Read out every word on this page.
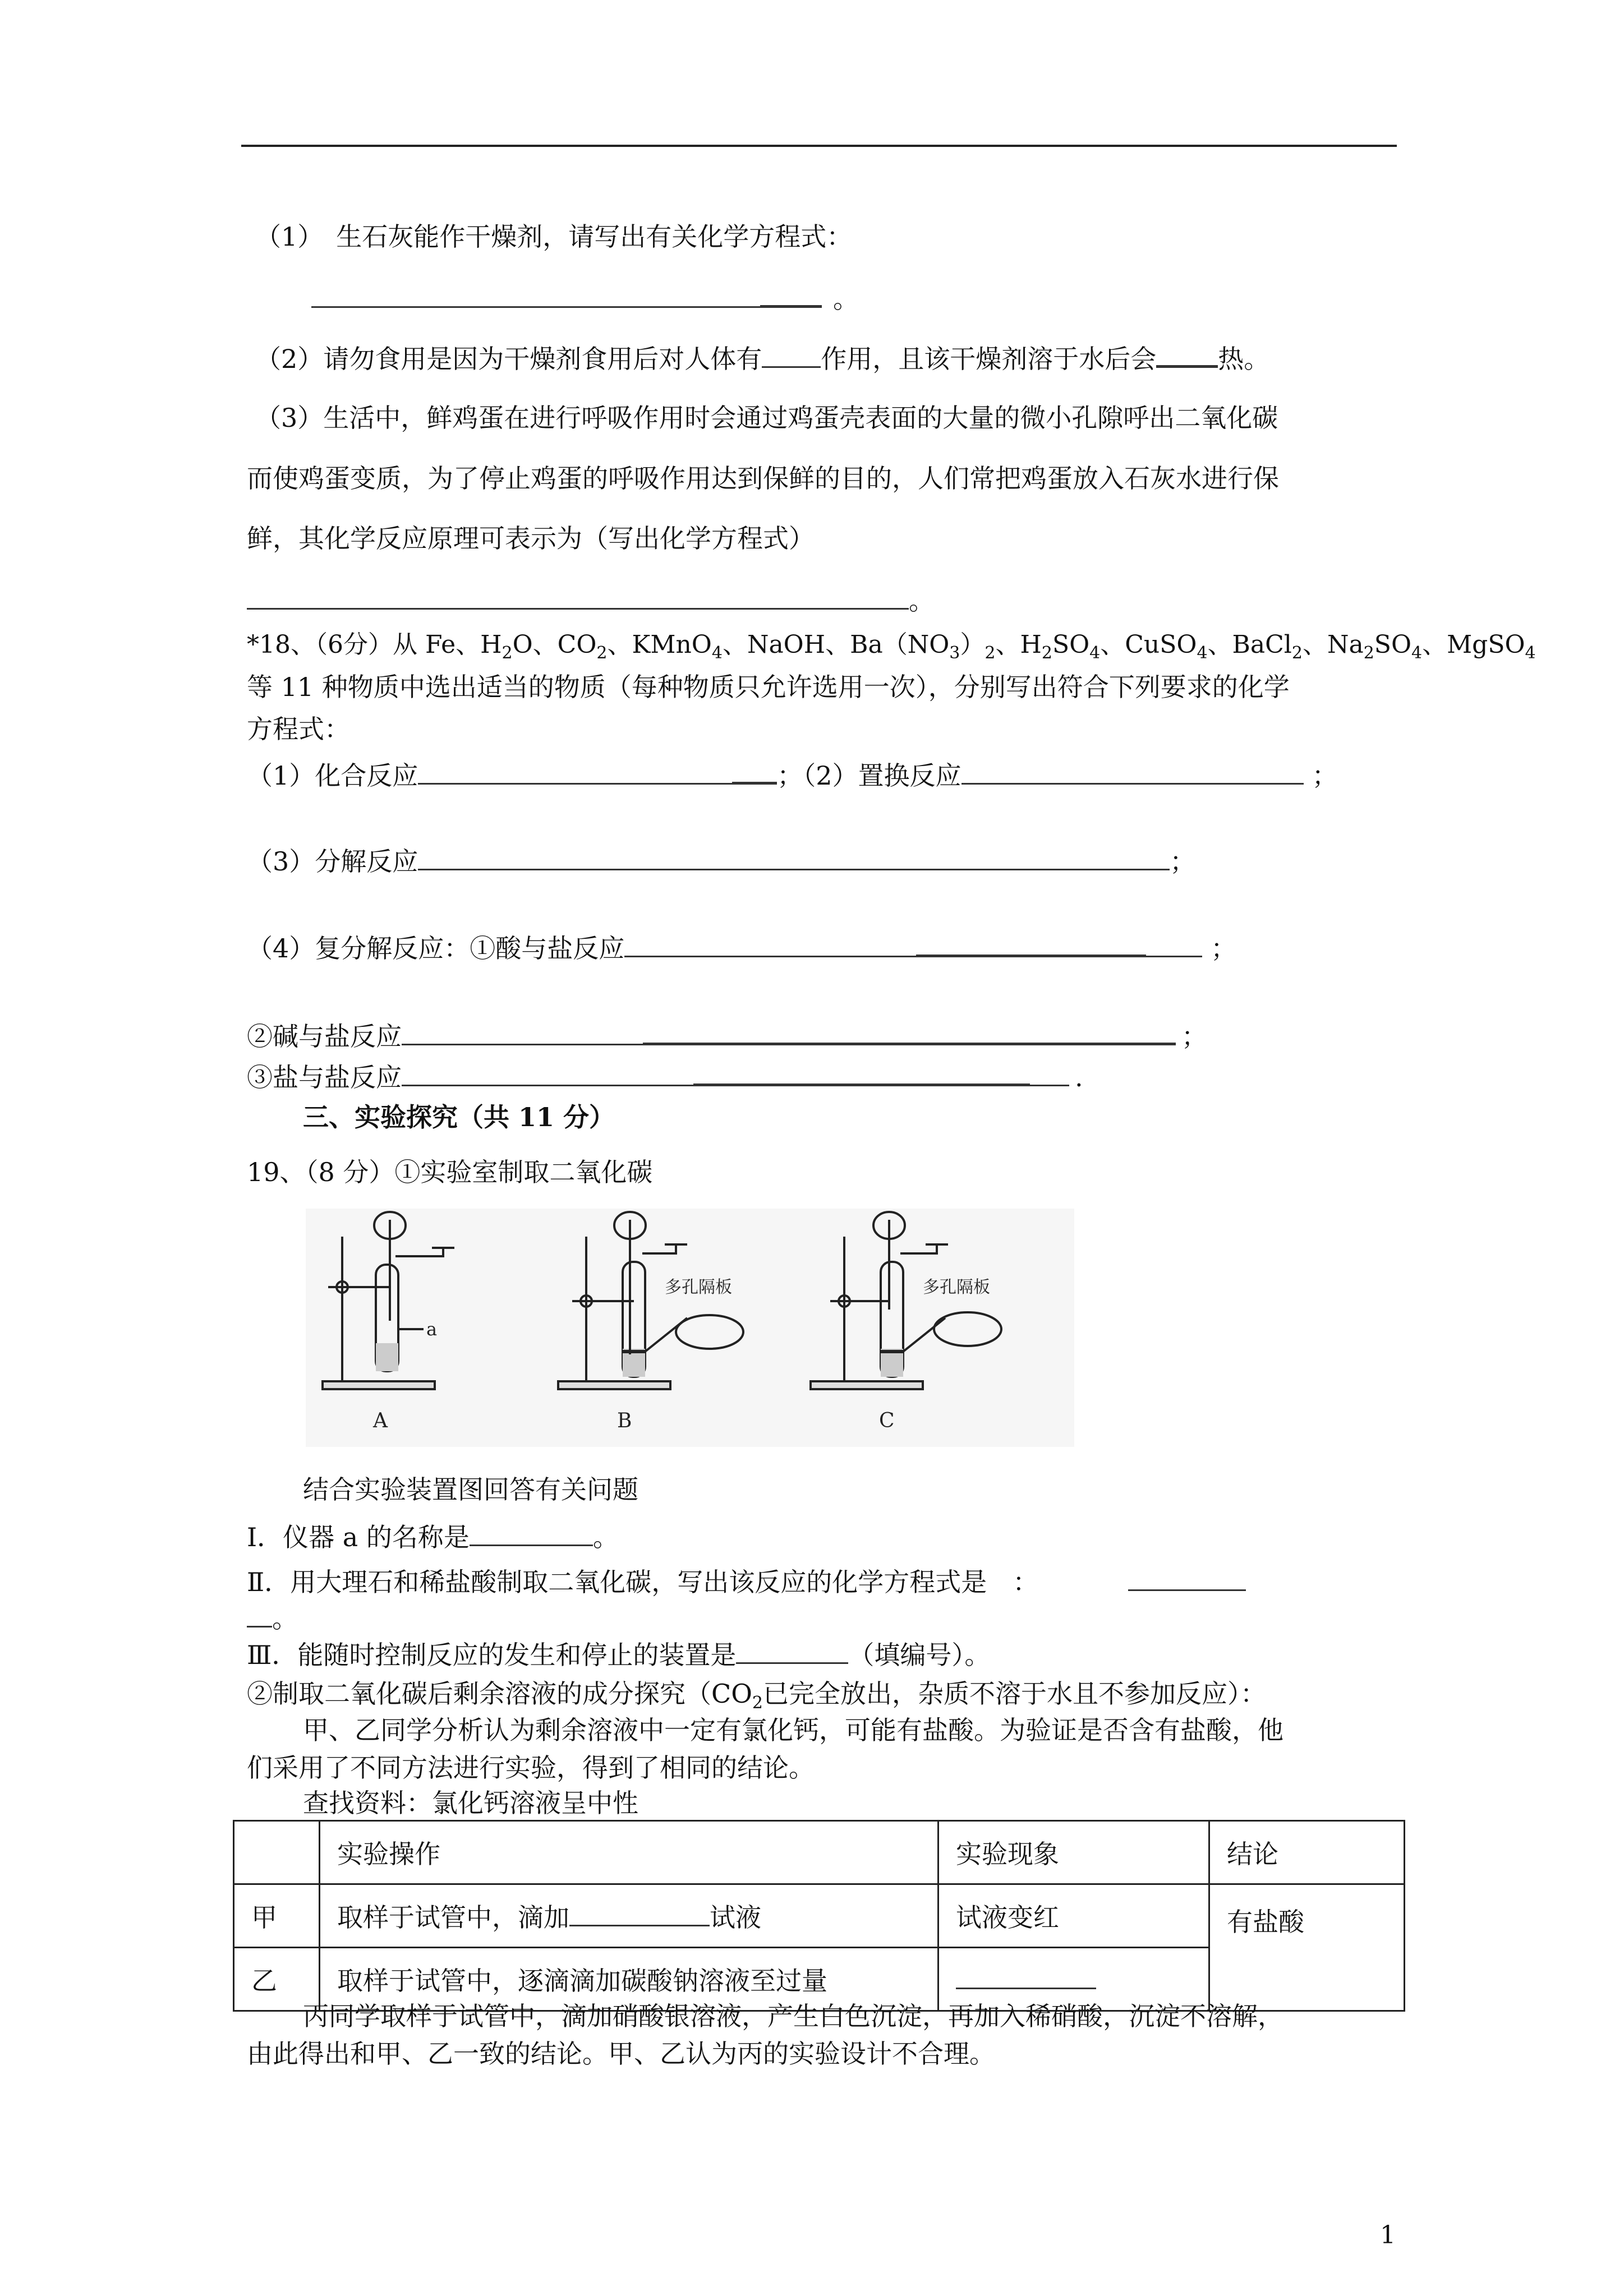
（1）　生石灰能作干燥剂，请写出有关化学方程式：
。
（2）请勿食用是因为干燥剂食用后对人体有 作用，且该干燥剂溶于水后会 热。
（3）生活中，鲜鸡蛋在进行呼吸作用时会通过鸡蛋壳表面的大量的微小孔隙呼出二氧化碳
而使鸡蛋变质，为了停止鸡蛋的呼吸作用达到保鲜的目的，人们常把鸡蛋放入石灰水进行保
鲜，其化学反应原理可表示为（写出化学方程式）
。
*18、（6分）从 Fe、$H_2O$、$CO_2$、KMnO$_4$、NaOH、$Ba(NO_3)_2$、$H_2SO_4$、CuSO$_4$、BaCl$_2$、$Na_2SO_4$、MgSO$_4$
等 11 种物质中选出适当的物质（每种物质只允许选用一次），分别写出符合下列要求的化学
方程式：
（1）化合反应	；（2）置换反应	；
（3）分解反应	；
（4）复分解反应：①酸与盐反应	；
②碱与盐反应	；
③盐与盐反应	.
三、实验探究（共 11 分）
19、（8 分）①实验室制取二氧化碳
a
A
多孔隔板
B
多孔隔板
C
结合实验装置图回答有关问题
Ⅰ．仪器 a 的名称是	。
Ⅱ．用大理石和稀盐酸制取二氧化碳，写出该反应的化学方程式是　：
。
Ⅲ．能随时控制反应的发生和停止的装置是	（填编号）。
②制取二氧化碳后剩余溶液的成分探究（$CO_2$已完全放出，杂质不溶于水且不参加反应）：
甲、乙同学分析认为剩余溶液中一定有氯化钙，可能有盐酸。为验证是否含有盐酸，他
们采用了不同方法进行实验，得到了相同的结论。
查找资料：氯化钙溶液呈中性
	实验操作	实验现象	结论
甲	取样于试管中，滴加 试液	试液变红	有盐酸
乙	取样于试管中，逐滴滴加碳酸钠溶液至过量		
丙同学取样于试管中，滴加硝酸银溶液，产生白色沉淀，再加入稀硝酸，沉淀不溶解，
由此得出和甲、乙一致的结论。甲、乙认为丙的实验设计不合理。
1
